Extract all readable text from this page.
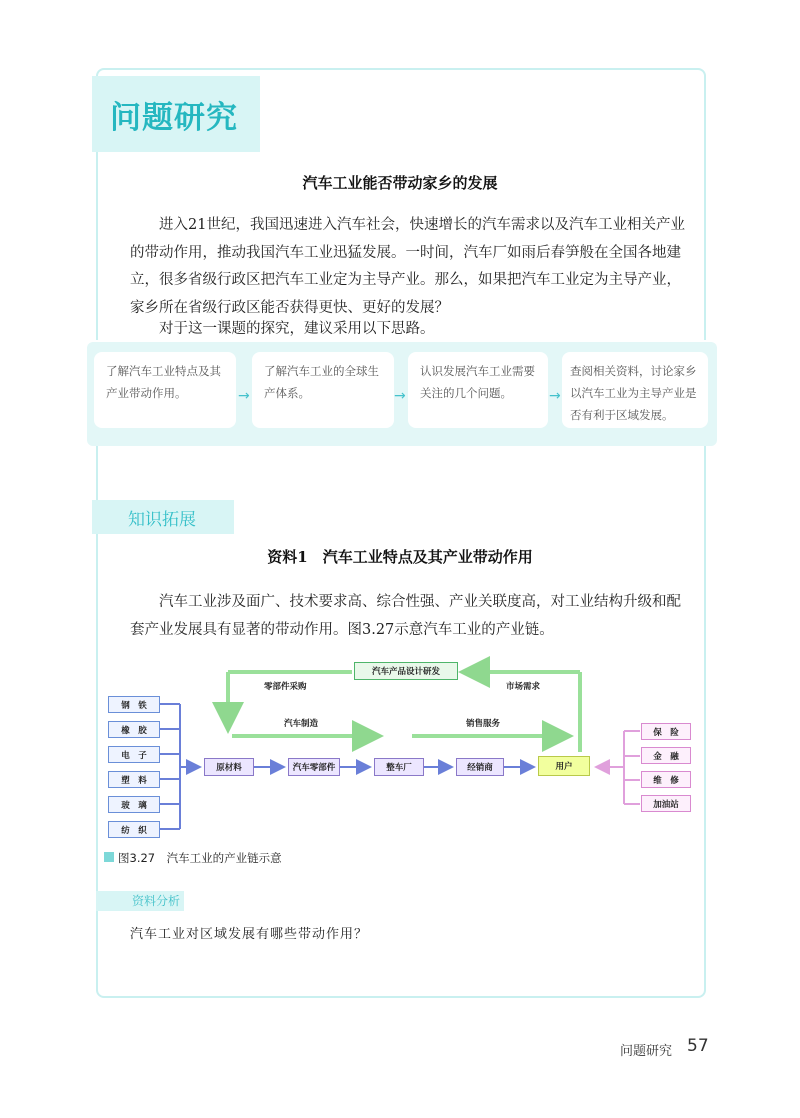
问题研究
汽车工业能否带动家乡的发展

进入21世纪，我国迅速进入汽车社会，快速增长的汽车需求以及汽车工业相关产业的带动作用，推动我国汽车工业迅猛发展。一时间，汽车厂如雨后春笋般在全国各地建立，很多省级行政区把汽车工业定为主导产业。那么，如果把汽车工业定为主导产业，家乡所在省级行政区能否获得更快、更好的发展？

对于这一课题的探究，建议采用以下思路。
了解汽车工业特点及其产业带动作用。	→
了解汽车工业的全球生产体系。	→
认识发展汽车工业需要关注的几个问题。	→
查阅相关资料，讨论家乡以汽车工业为主导产业是否有利于区域发展。
知识拓展
资料1　汽车工业特点及其产业带动作用

汽车工业涉及面广、技术要求高、综合性强、产业关联度高，对工业结构升级和配套产业发展具有显著的带动作用。图3.27示意汽车工业的产业链。

钢　铁
橡　胶
电　子
塑　料
玻　璃
纺　织
原材料	汽车零部件	整车厂	经销商	用户
保　险
金　融
维　修
加油站
汽车产品设计研发
零部件采购	市场需求
汽车制造	销售服务
图3.27　汽车工业的产业链示意
资料分析
汽车工业对区域发展有哪些带动作用？
问题研究 57
